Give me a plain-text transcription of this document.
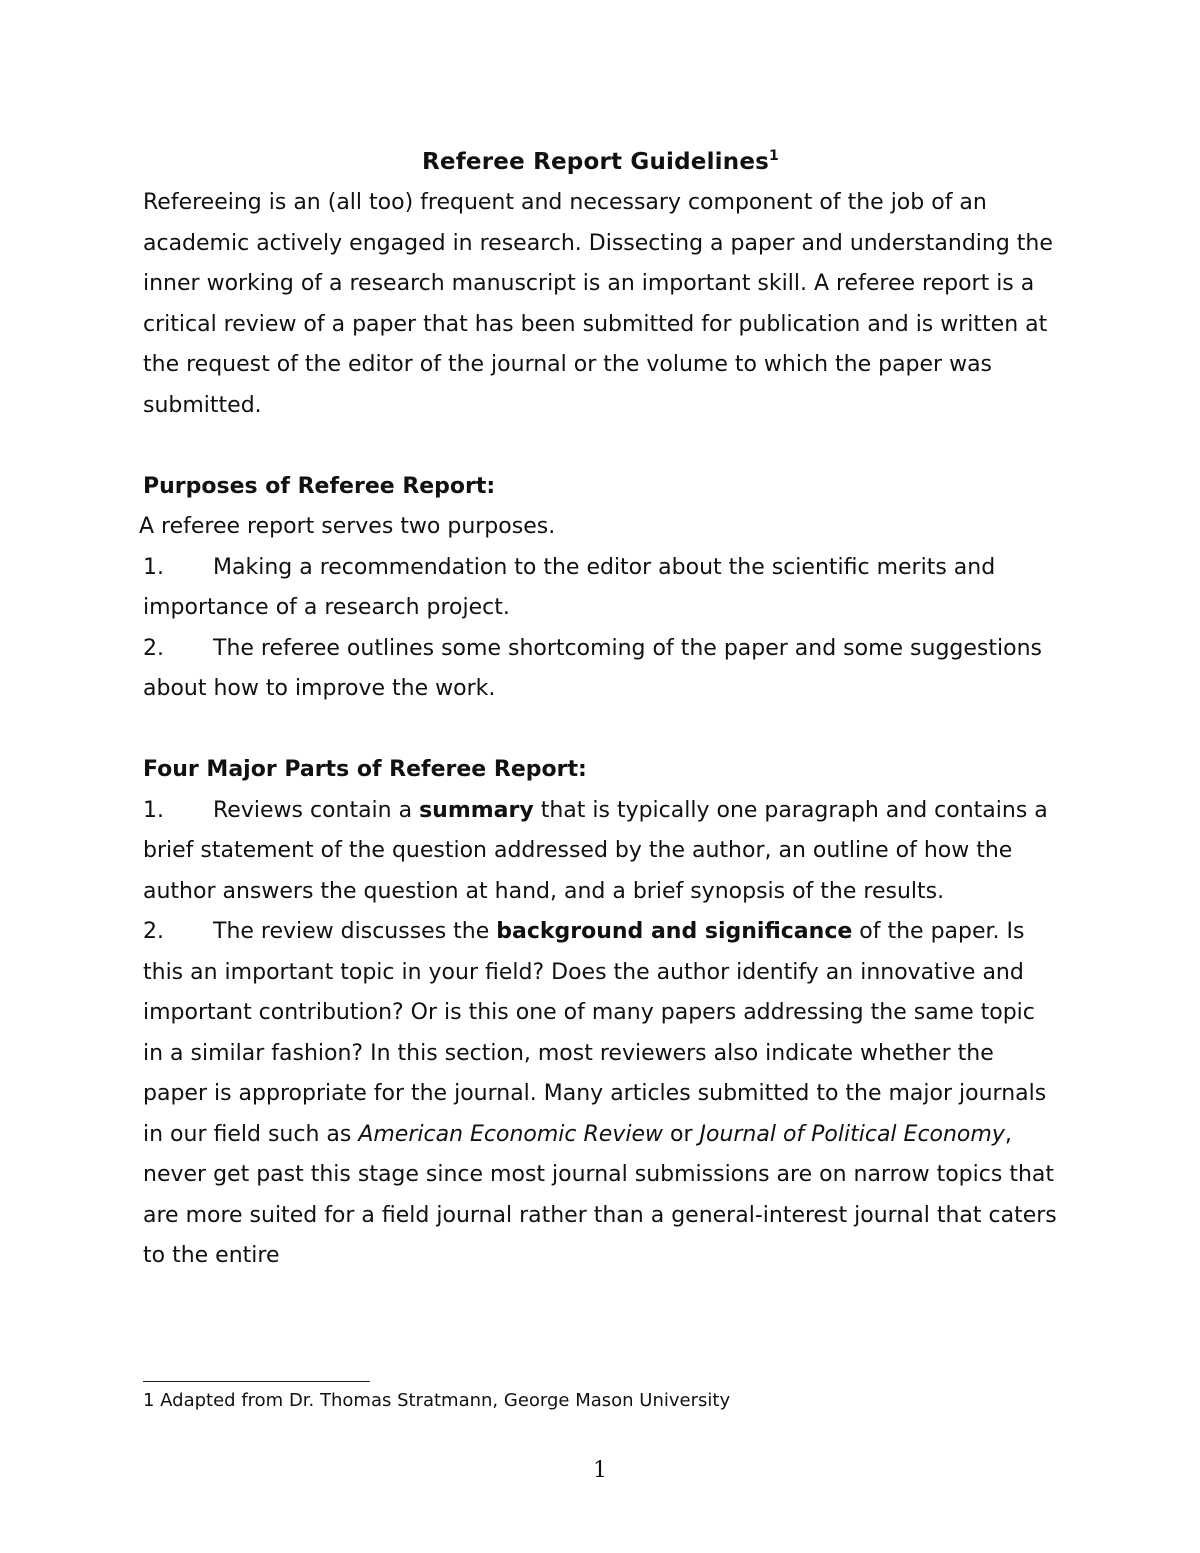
Referee Report Guidelines$^1$

Refereeing is an (all too) frequent and necessary component of the job of an academic actively engaged in research. Dissecting a paper and understanding the inner working of a research manuscript is an important skill. A referee report is a critical review of a paper that has been submitted for publication and is written at the request of the editor of the journal or the volume to which the paper was submitted.

Purposes of Referee Report:

A referee report serves two purposes.

1. Making a recommendation to the editor about the scientific merits and importance of a research project.

2. The referee outlines some shortcoming of the paper and some suggestions about how to improve the work.

Four Major Parts of Referee Report:

1. Reviews contain a summary that is typically one paragraph and contains a brief statement of the question addressed by the author, an outline of how the author answers the question at hand, and a brief synopsis of the results.

2. The review discusses the background and significance of the paper. Is this an important topic in your field? Does the author identify an innovative and important contribution? Or is this one of many papers addressing the same topic in a similar fashion? In this section, most reviewers also indicate whether the paper is appropriate for the journal. Many articles submitted to the major journals in our field such as American Economic Review or Journal of Political Economy, never get past this stage since most journal submissions are on narrow topics that are more suited for a field journal rather than a general-interest journal that caters to the entire

1 Adapted from Dr. Thomas Stratmann, George Mason University
1
